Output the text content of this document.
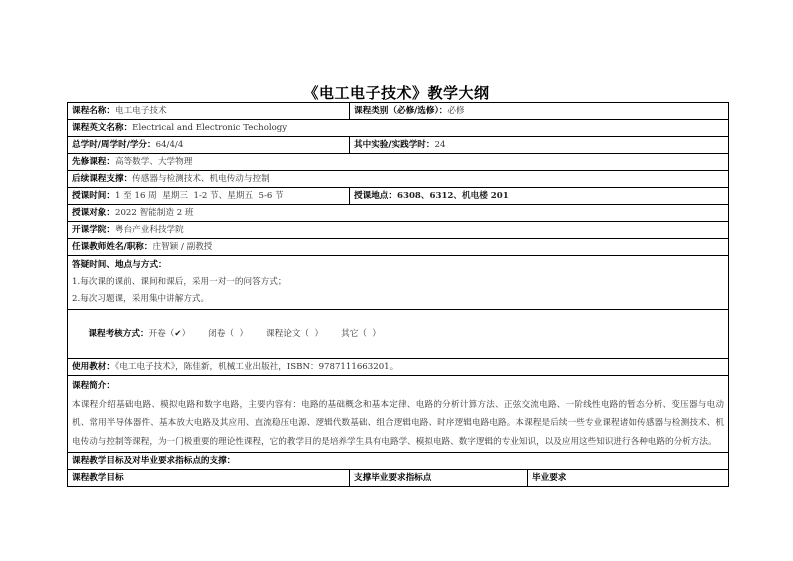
《电工电子技术》教学大纲
课程名称：电工电子技术	课程类别（必修/选修）：必修	
课程英文名称：Electrical and Electronic Techology		
总学时/周学时/学分：64/4/4	其中实验/实践学时：24	
先修课程：高等数学、大学物理		
后续课程支撑：传感器与检测技术、机电传动与控制		
授课时间：1 至 16 周  星期三  1-2 节、星期五  5-6 节	授课地点：6308、6312、机电楼 201	
授课对象：2022 智能制造 2 班		
开课学院：粤台产业科技学院		
任课教师姓名/职称：庄智颖 / 副教授		

答疑时间、地点与方式：
1.每次课的课前、课间和课后，采用一对一的问答方式；
2.每次习题课，采用集中讲解方式。		

课程考核方式：开卷（✔） 闭卷（ ） 课程论文（ ） 其它（ ）		

使用教材：《电工电子技术》，陈佳新，机械工业出版社，ISBN：9787111663201。		

课程简介：
本课程介绍基础电路、模拟电路和数字电路，主要内容有：电路的基础概念和基本定律、电路的分析计算方法、正弦交流电路、一阶线性电路的暂态分析、变压器与电动机、常用半导体器件、基本放大电路及其应用、直流稳压电源、逻辑代数基础、组合逻辑电路、时序逻辑电路电路。本课程是后续一些专业课程诸如传感器与检测技术、机电传动与控制等课程，为一门极重要的理论性课程，它的教学目的是培养学生具有电路学、模拟电路、数字逻辑的专业知识，以及应用这些知识进行各种电路的分析方法。		
课程教学目标及对毕业要求指标点的支撑：		
课程教学目标	支撑毕业要求指标点	毕业要求
